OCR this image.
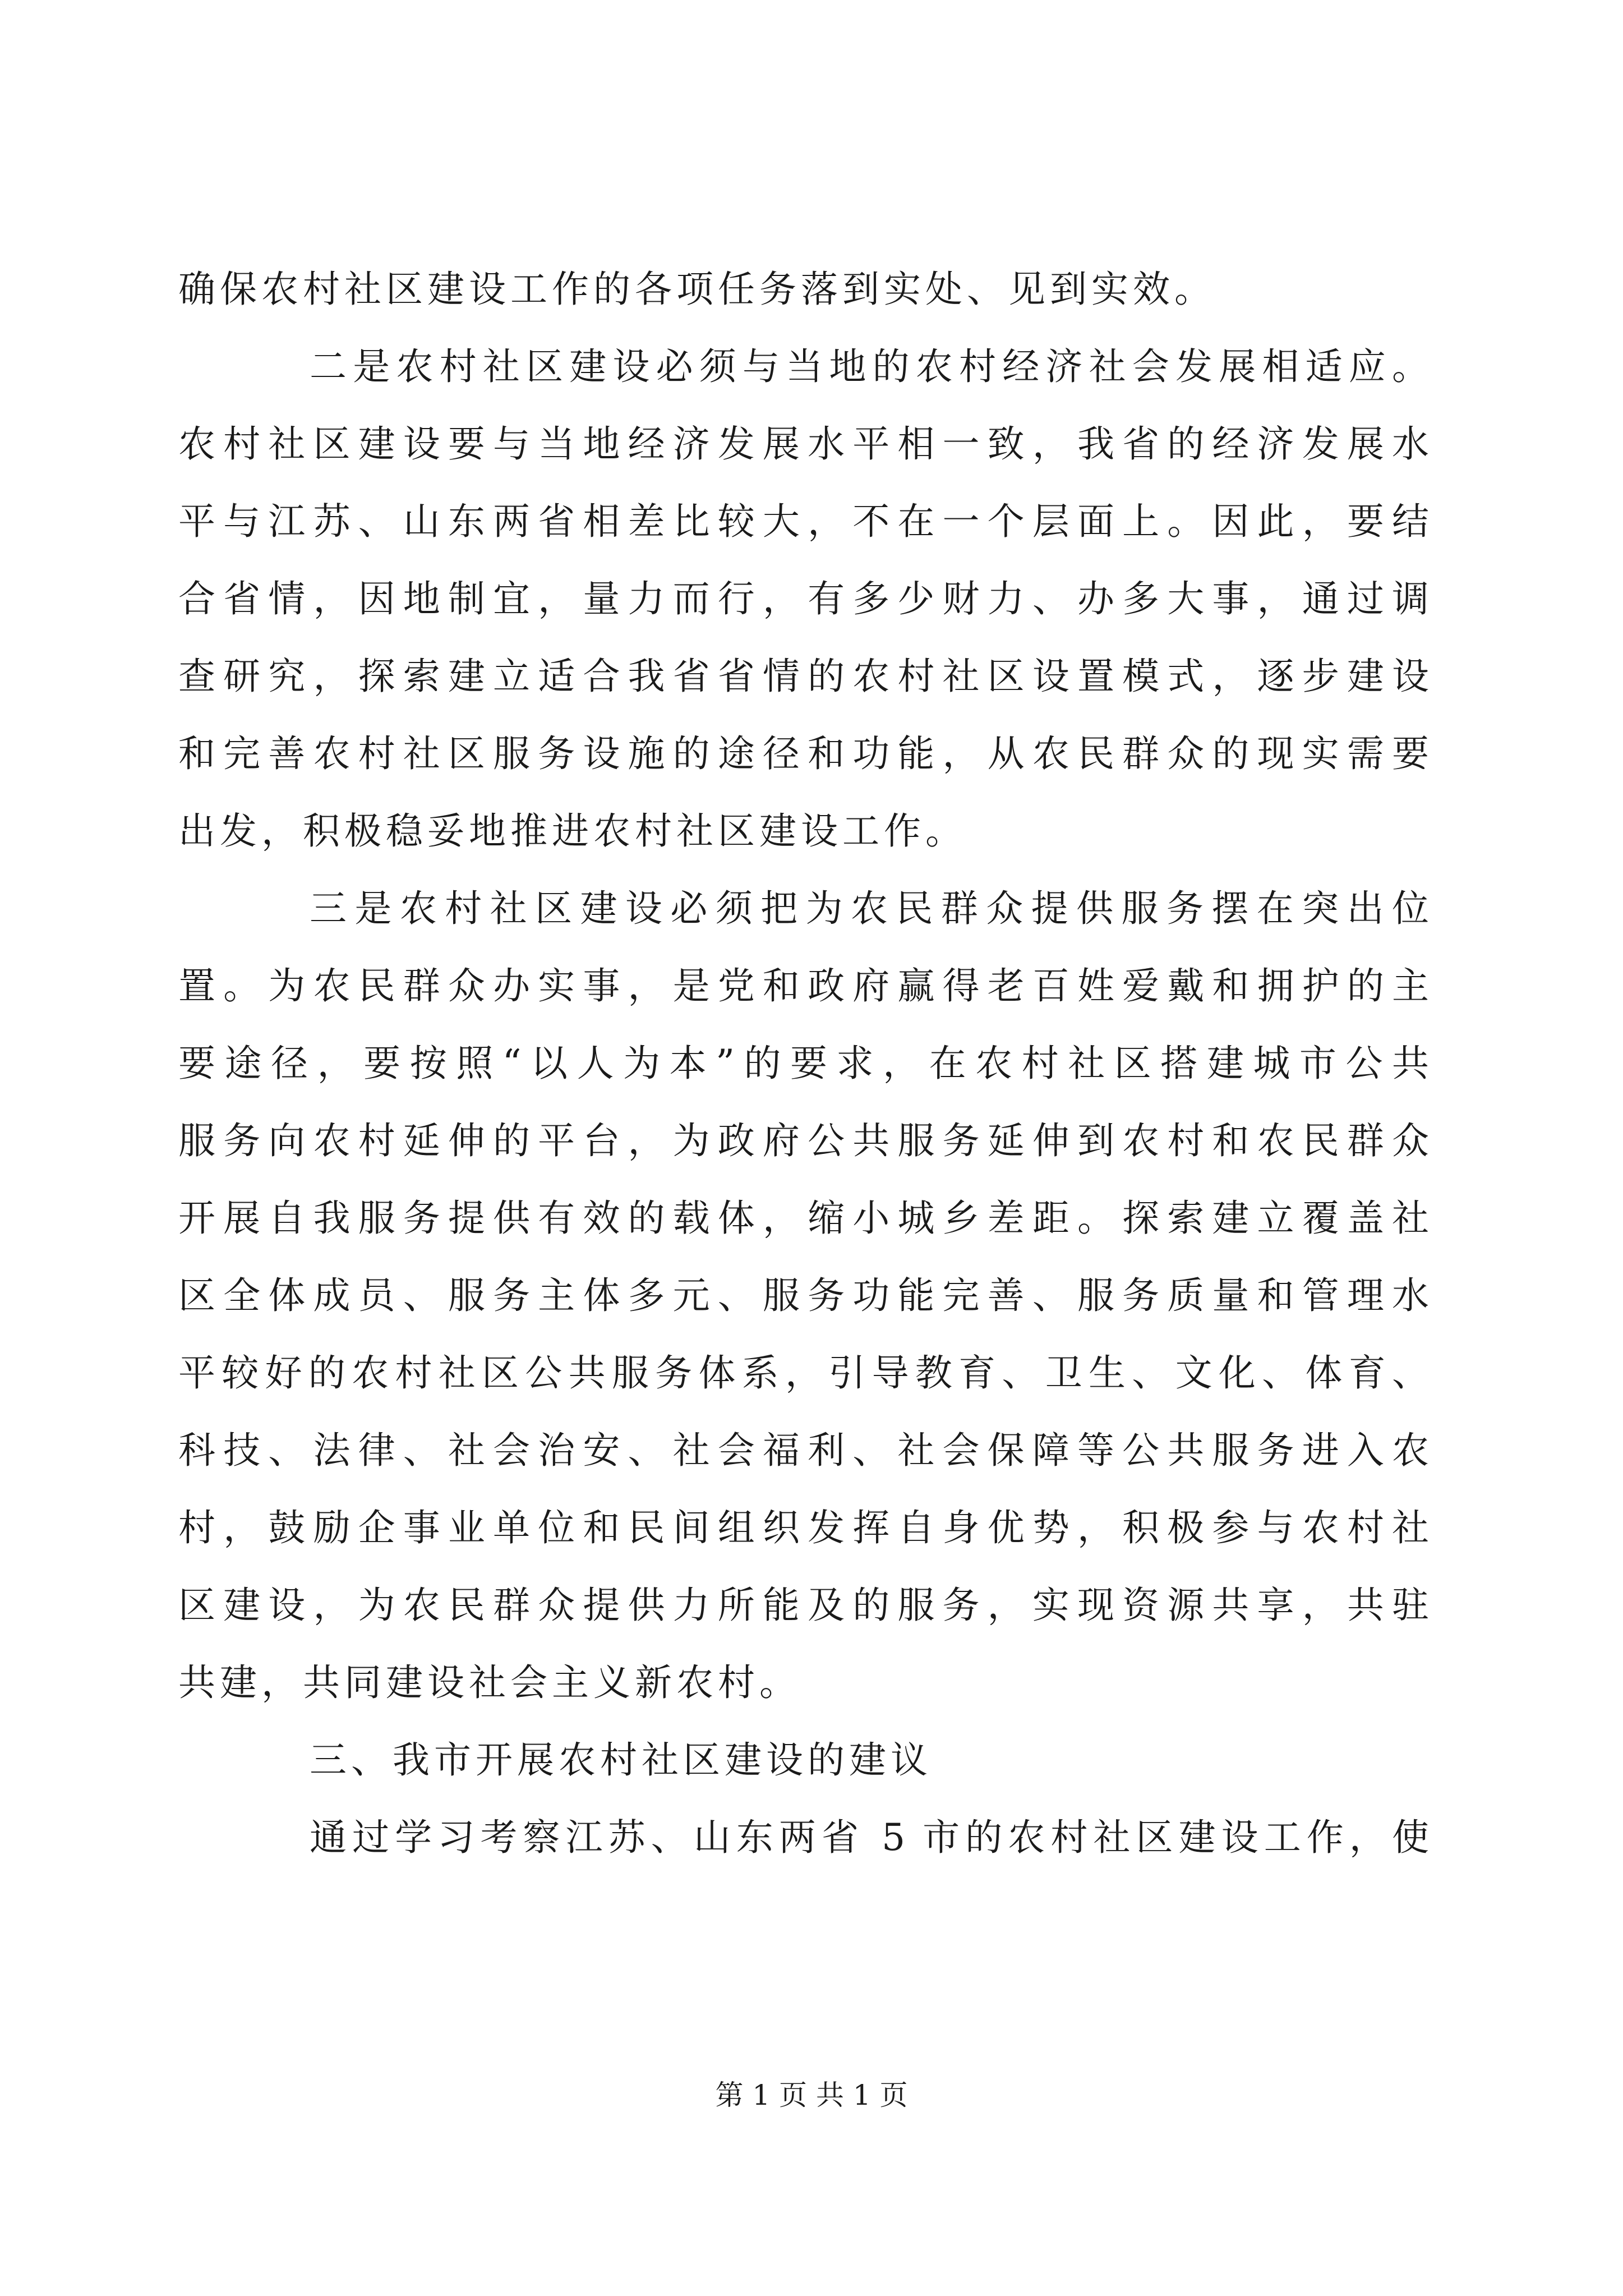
确保农村社区建设工作的各项任务落到实处、见到实效。
二是农村社区建设必须与当地的农村经济社会发展相适应。
农村社区建设要与当地经济发展水平相一致，我省的经济发展水
平与江苏、山东两省相差比较大，不在一个层面上。因此，要结
合省情，因地制宜，量力而行，有多少财力、办多大事，通过调
查研究，探索建立适合我省省情的农村社区设置模式，逐步建设
和完善农村社区服务设施的途径和功能，从农民群众的现实需要
出发，积极稳妥地推进农村社区建设工作。
三是农村社区建设必须把为农民群众提供服务摆在突出位
置。为农民群众办实事，是党和政府赢得老百姓爱戴和拥护的主
要途径，要按照“以人为本”的要求，在农村社区搭建城市公共
服务向农村延伸的平台，为政府公共服务延伸到农村和农民群众
开展自我服务提供有效的载体，缩小城乡差距。探索建立覆盖社
区全体成员、服务主体多元、服务功能完善、服务质量和管理水
平较好的农村社区公共服务体系，引导教育、卫生、文化、体育、
科技、法律、社会治安、社会福利、社会保障等公共服务进入农
村，鼓励企事业单位和民间组织发挥自身优势，积极参与农村社
区建设，为农民群众提供力所能及的服务，实现资源共享，共驻
共建，共同建设社会主义新农村。
三、我市开展农村社区建设的建议
通过学习考察江苏、山东两省 5 市的农村社区建设工作，使
第 1 页 共 1 页
